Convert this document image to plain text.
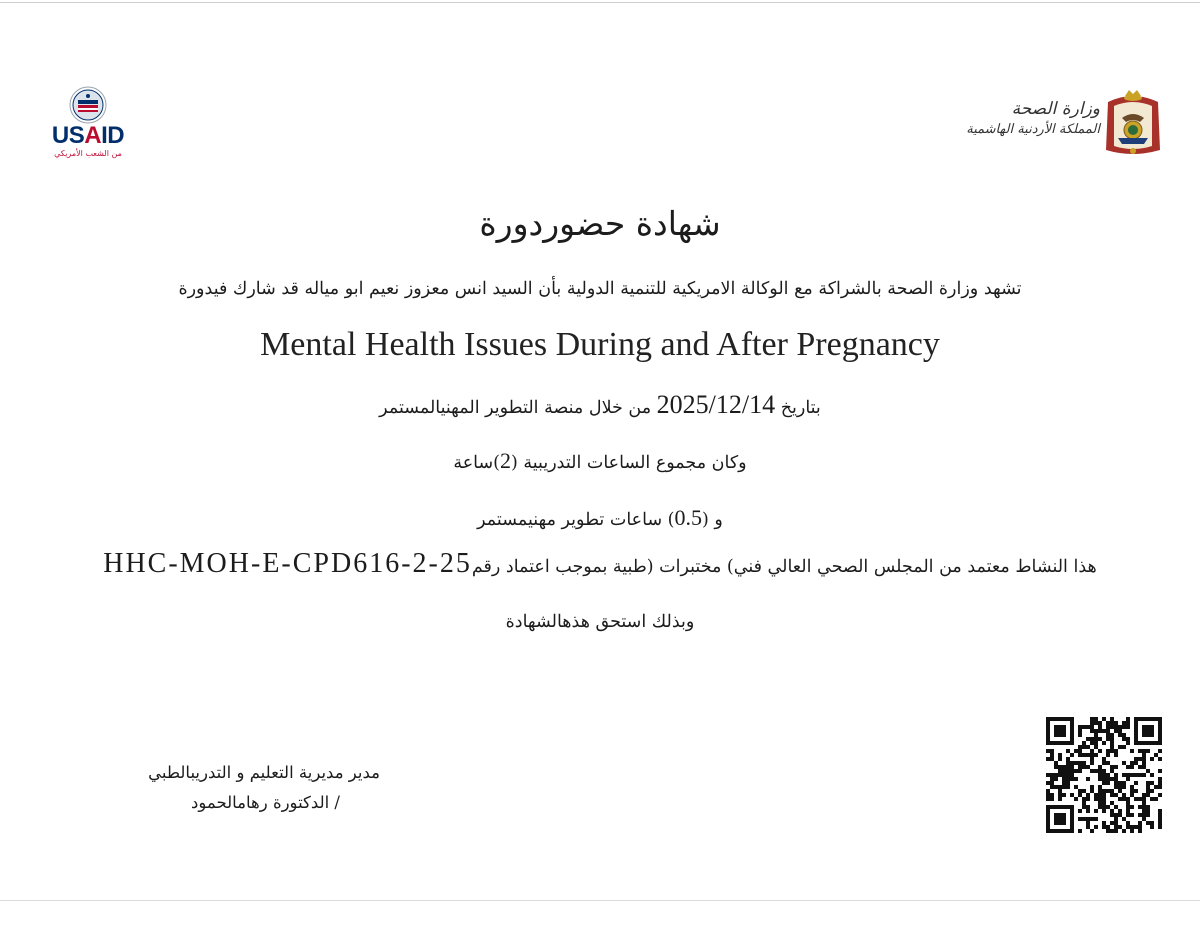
USAID
من الشعب الأمريكي
وزارة الصحة
المملكة الأردنية الهاشمية
شهادة حضوردورة
تشهد وزارة الصحة بالشراكة مع الوكالة الامريكية للتنمية الدولية بأن السيد انس معزوز نعيم ابو مياله قد شارك فيدورة
Mental Health Issues During and After Pregnancy
بتاريخ 2025/12/14 من خلال منصة التطوير المهنيالمستمر
وكان مجموع الساعات التدريبية (2)ساعة
و (0.5) ساعات تطوير مهنيمستمر
هذا النشاط معتمد من المجلس الصحي العالي فني) مختبرات (طبية بموجب اعتماد رقمHHC-MOH-E-CPD616-2-25
وبذلك استحق هذهالشهادة
مدير مديرية التعليم و التدريبالطبي
/ الدكتورة رهامالحمود
